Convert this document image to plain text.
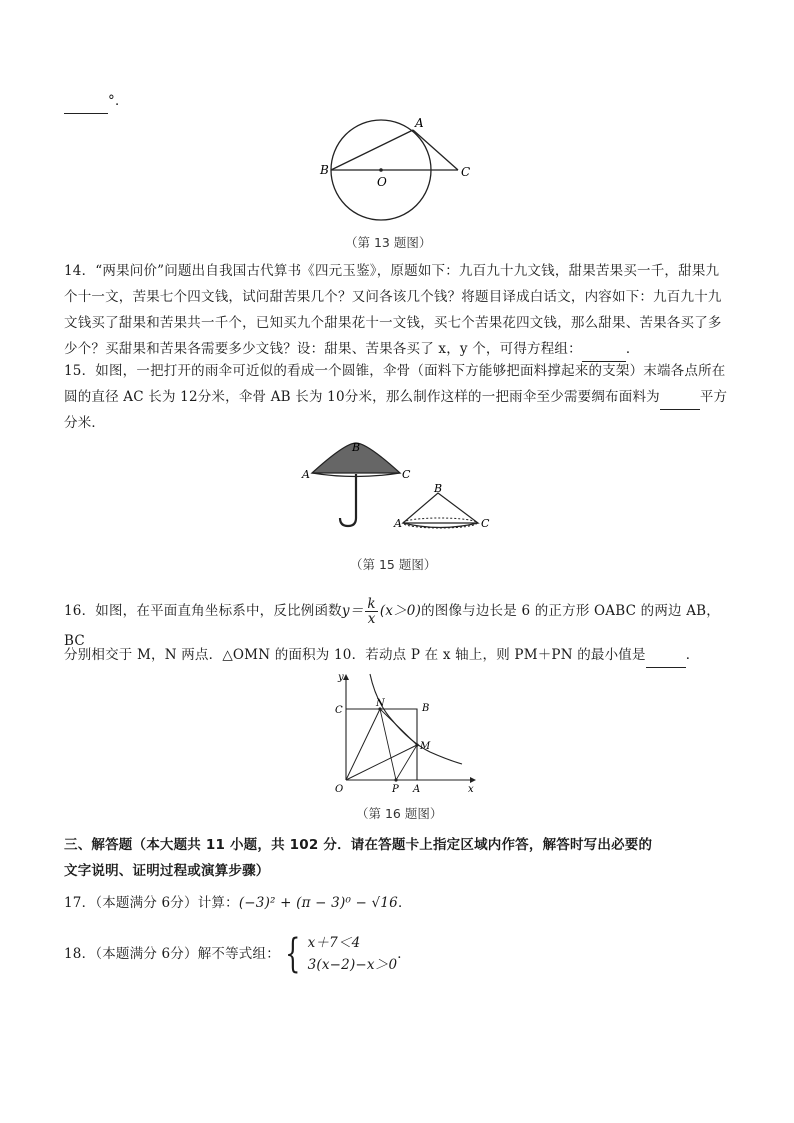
°．
A
B
O
C
（第 13 题图）
14．“两果问价”问题出自我国古代算书《四元玉鉴》，原题如下：九百九十九文钱，甜果苦果买一千，甜果九个十一文，苦果七个四文钱，试问甜苦果几个？又问各该几个钱？将题目译成白话文，内容如下：九百九十九文钱买了甜果和苦果共一千个，已知买九个甜果花十一文钱，买七个苦果花四文钱，那么甜果、苦果各买了多少个？买甜果和苦果各需要多少文钱？设：甜果、苦果各买了 x，y 个，可得方程组：	．
15．如图，一把打开的雨伞可近似的看成一个圆锥，伞骨（面料下方能够把面料撑起来的支架）末端各点所在圆的直径 AC 长为 12分米，伞骨 AB 长为 10分米，那么制作这样的一把雨伞至少需要绸布面料为	平方分米．
B
A	C
B
A	C
（第 15 题图）
16．如图，在平面直角坐标系中，反比例函数$y= \frac{k}{x} (x>0)$的图像与边长是 6 的正方形 OABC 的两边 AB，BC
分别相交于 M，N 两点．△OMN 的面积为 10．若动点 P 在 x 轴上，则 PM＋PN 的最小值是	．
y
x
O	A
B
C
N
M
P
（第 16 题图）
三、解答题（本大题共 11 小题，共 102 分．请在答题卡上指定区域内作答，解答时写出必要的
文字说明、证明过程或演算步骤）
17．（本题满分 6分）计算：(−3)² + (π − 3)⁰ − √16．
18．（本题满分 6分）解不等式组： { x＋7＜4
3(x−2)−x＞0
．
